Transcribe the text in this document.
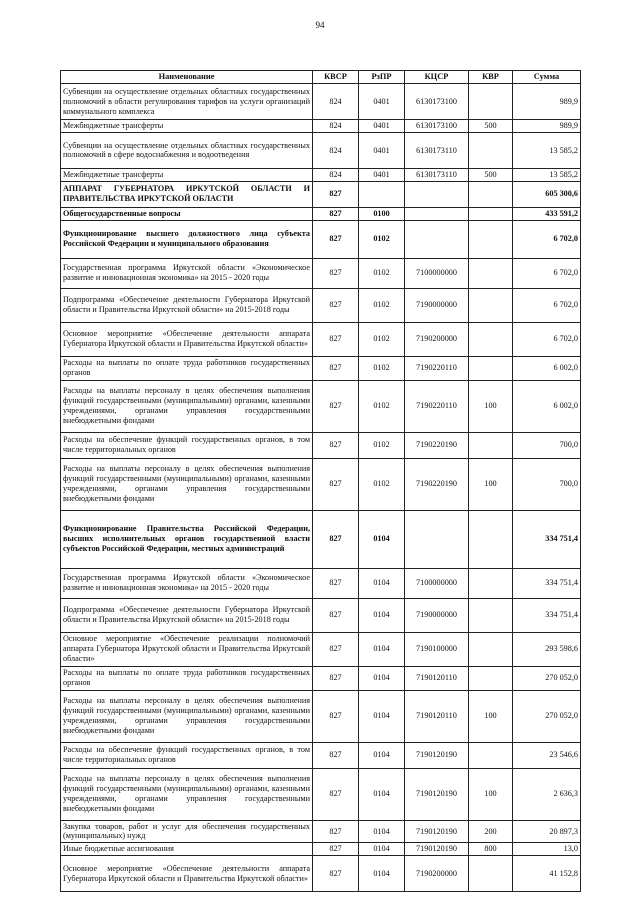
94
Наименование	КВСР	РзПР	КЦСР	КВР	Сумма
Субвенции на осуществление отдельных областных государственных полномочий в области регулирования тарифов на услуги организаций коммунального комплекса	824	0401	6130173100		989,9
Межбюджетные трансферты	824	0401	6130173100	500	989,9
Субвенции на осуществление отдельных областных государственных полномочий в сфере водоснабжения и водоотведения	824	0401	6130173110		13 585,2
Межбюджетные трансферты	824	0401	6130173110	500	13 585,2
АППАРАТ ГУБЕРНАТОРА ИРКУТСКОЙ ОБЛАСТИ И ПРАВИТЕЛЬСТВА ИРКУТСКОЙ ОБЛАСТИ	827				605 300,6
Общегосударственные вопросы	827	0100			433 591,2
Функционирование высшего должностного лица субъекта Российской Федерации и муниципального образования	827	0102			6 702,0
Государственная программа Иркутской области «Экономическое развитие и инновационная экономика» на 2015 - 2020 годы	827	0102	7100000000		6 702,0
Подпрограмма «Обеспечение деятельности Губернатора Иркутской области и Правительства Иркутской области» на 2015-2018 годы	827	0102	7190000000		6 702,0
Основное мероприятие «Обеспечение деятельности аппарата Губернатора Иркутской области и Правительства Иркутской области»	827	0102	7190200000		6 702,0
Расходы на выплаты по оплате труда работников государственных органов	827	0102	7190220110		6 002,0
Расходы на выплаты персоналу в целях обеспечения выполнения функций государственными (муниципальными) органами, казенными учреждениями, органами управления государственными внебюджетными фондами	827	0102	7190220110	100	6 002,0
Расходы на обеспечение функций государственных органов, в том числе территориальных органов	827	0102	7190220190		700,0
Расходы на выплаты персоналу в целях обеспечения выполнения функций государственными (муниципальными) органами, казенными учреждениями, органами управления государственными внебюджетными фондами	827	0102	7190220190	100	700,0
Функционирование Правительства Российской Федерации, высших исполнительных органов государственной власти субъектов Российской Федерации, местных администраций	827	0104			334 751,4
Государственная программа Иркутской области «Экономическое развитие и инновационная экономика» на 2015 - 2020 годы	827	0104	7100000000		334 751,4
Подпрограмма «Обеспечение деятельности Губернатора Иркутской области и Правительства Иркутской области» на 2015-2018 годы	827	0104	7190000000		334 751,4
Основное мероприятие «Обеспечение реализации полномочий аппарата Губернатора Иркутской области и Правительства Иркутской области»	827	0104	7190100000		293 598,6
Расходы на выплаты по оплате труда работников государственных органов	827	0104	7190120110		270 052,0
Расходы на выплаты персоналу в целях обеспечения выполнения функций государственными (муниципальными) органами, казенными учреждениями, органами управления государственными внебюджетными фондами	827	0104	7190120110	100	270 052,0
Расходы на обеспечение функций государственных органов, в том числе территориальных органов	827	0104	7190120190		23 546,6
Расходы на выплаты персоналу в целях обеспечения выполнения функций государственными (муниципальными) органами, казенными учреждениями, органами управления государственными внебюджетными фондами	827	0104	7190120190	100	2 636,3
Закупка товаров, работ и услуг для обеспечения государственных (муниципальных) нужд	827	0104	7190120190	200	20 897,3
Иные бюджетные ассигнования	827	0104	7190120190	800	13,0
Основное мероприятие «Обеспечение деятельности аппарата Губернатора Иркутской области и Правительства Иркутской области»	827	0104	7190200000		41 152,8
